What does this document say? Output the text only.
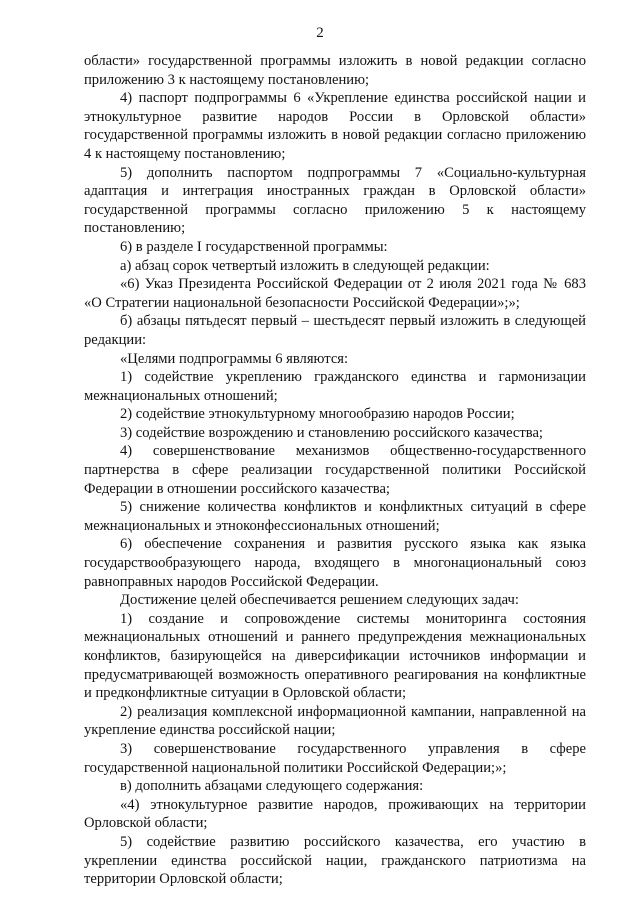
2

области» государственной программы изложить в новой редакции согласно приложению 3 к настоящему постановлению;

4) паспорт подпрограммы 6 «Укрепление единства российской нации и этнокультурное развитие народов России в Орловской области» государственной программы изложить в новой редакции согласно приложению 4 к настоящему постановлению;

5) дополнить паспортом подпрограммы 7 «Социально-культурная адаптация и интеграция иностранных граждан в Орловской области» государственной программы согласно приложению 5 к настоящему постановлению;

6) в разделе I государственной программы:

а) абзац сорок четвертый изложить в следующей редакции:

«6) Указ Президента Российской Федерации от 2 июля 2021 года № 683 «О Стратегии национальной безопасности Российской Федерации»;»;

б) абзацы пятьдесят первый – шестьдесят первый изложить в следующей редакции:

«Целями подпрограммы 6 являются:

1) содействие укреплению гражданского единства и гармонизации межнациональных отношений;

2) содействие этнокультурному многообразию народов России;

3) содействие возрождению и становлению российского казачества;

4) совершенствование механизмов общественно-государственного партнерства в сфере реализации государственной политики Российской Федерации в отношении российского казачества;

5) снижение количества конфликтов и конфликтных ситуаций в сфере межнациональных и этноконфессиональных отношений;

6) обеспечение сохранения и развития русского языка как языка государствообразующего народа, входящего в многонациональный союз равноправных народов Российской Федерации.

Достижение целей обеспечивается решением следующих задач:

1) создание и сопровождение системы мониторинга состояния межнациональных отношений и раннего предупреждения межнациональных конфликтов, базирующейся на диверсификации источников информации и предусматривающей возможность оперативного реагирования на конфликтные и предконфликтные ситуации в Орловской области;

2) реализация комплексной информационной кампании, направленной на укрепление единства российской нации;

3) совершенствование государственного управления в сфере государственной национальной политики Российской Федерации;»;

в) дополнить абзацами следующего содержания:

«4) этнокультурное развитие народов, проживающих на территории Орловской области;

5) содействие развитию российского казачества, его участию в укреплении единства российской нации, гражданского патриотизма на территории Орловской области;
